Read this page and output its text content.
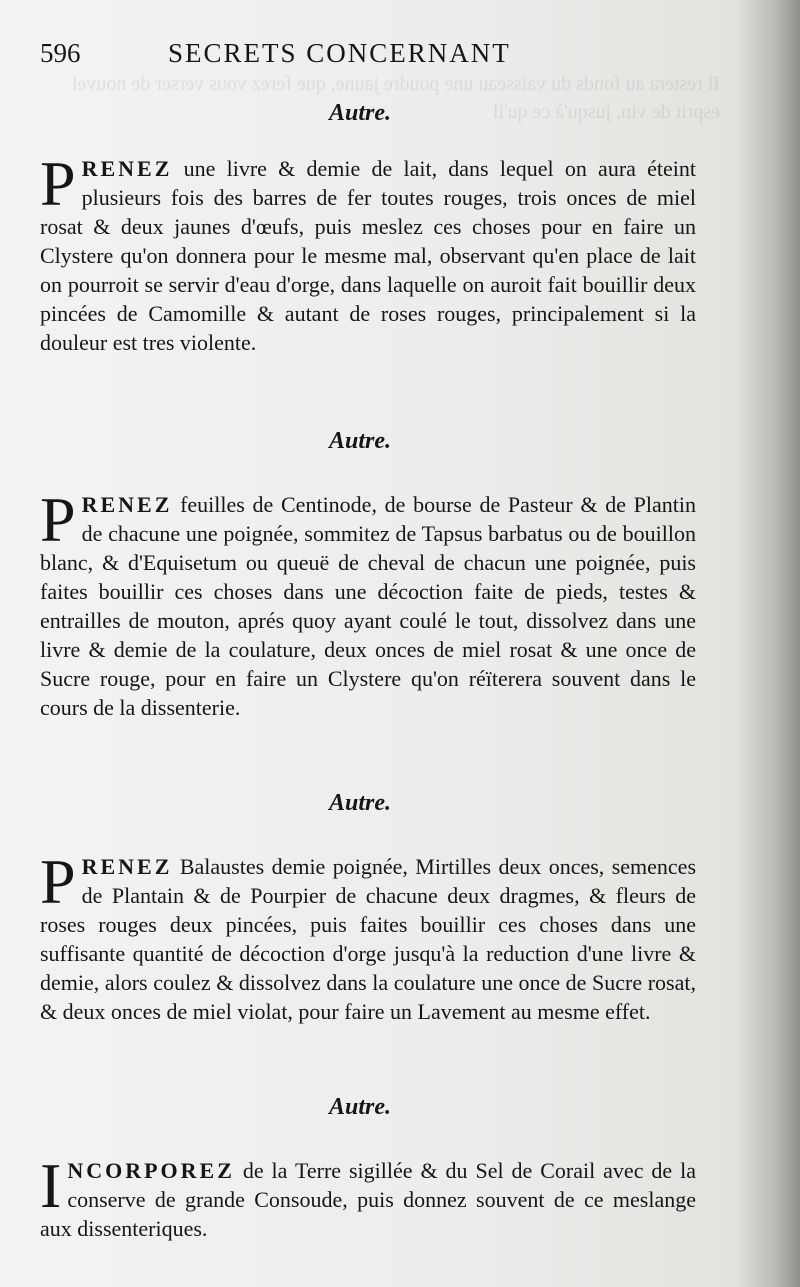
Il restera au fonds du vaisseau une poudre jaune, que ferez vous verser de nouvel esprit de vin, jusqu'à ce qu'il
596	SECRETS CONCERNANT
Autre.
PRENEZ une livre & demie de lait, dans lequel on aura éteint plusieurs fois des barres de fer toutes rouges, trois onces de miel rosat & deux jaunes d'œufs, puis meslez ces choses pour en faire un Clystere qu'on donnera pour le mesme mal, observant qu'en place de lait on pourroit se servir d'eau d'orge, dans laquelle on auroit fait bouillir deux pincées de Camomille & autant de roses rouges, principalement si la douleur est tres violente.
Autre.
PRENEZ feuilles de Centinode, de bourse de Pasteur & de Plantin de chacune une poignée, sommitez de Tapsus barbatus ou de bouillon blanc, & d'Equisetum ou queuë de cheval de chacun une poignée, puis faites bouillir ces choses dans une décoction faite de pieds, testes & entrailles de mouton, aprés quoy ayant coulé le tout, dissolvez dans une livre & demie de la coulature, deux onces de miel rosat & une once de Sucre rouge, pour en faire un Clystere qu'on réïterera souvent dans le cours de la dissenterie.
Autre.
PRENEZ Balaustes demie poignée, Mirtilles deux onces, semences de Plantain & de Pourpier de chacune deux dragmes, & fleurs de roses rouges deux pincées, puis faites bouillir ces choses dans une suffisante quantité de décoction d'orge jusqu'à la reduction d'une livre & demie, alors coulez & dissolvez dans la coulature une once de Sucre rosat, & deux onces de miel violat, pour faire un Lavement au mesme effet.
Autre.
INCORPOREZ de la Terre sigillée & du Sel de Corail avec de la conserve de grande Consoude, puis donnez souvent de ce meslange aux dissenteriques.
